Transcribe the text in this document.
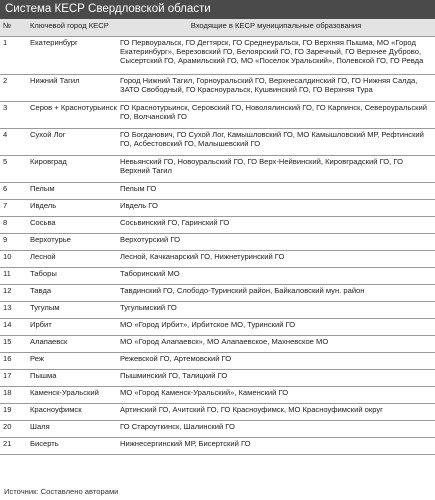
Система КЕСР Свердловской области
№	Ключевой город КЕСР	Входящие в КЕСР муниципальные образования
1	Екатеринбург	ГО Первоуральск, ГО Дегтярск, ГО Среднеуральск, ГО Верхняя Пышма, МО «Город Екатеринбург», Березовский ГО, Белоярский ГО, ГО Заречный, ГО Верхнее Дуброво, Сысертский ГО, Арамильский ГО, МО «Поселок Уральский», Полевской ГО, ГО Ревда
2	Нижний Тагил	Город Нижний Тагил, Горноуральский ГО, Верхнесалдинский ГО, ГО Нижняя Салда, ЗАТО Свободный, ГО Красноуральск, Кушвинский ГО, ГО Верхняя Тура
3	Серов + Краснотурьинск	ГО Краснотурьинск, Серовский ГО, Новолялинский ГО, ГО Карпинск, Североуральский ГО, Волчанский ГО
4	Сухой Лог	ГО Богданович, ГО Сухой Лог, Камышловский ГО, МО Камышловский МР, Рефтинский ГО, Асбестовский ГО, Малышевский ГО
5	Кировград	Невьянский ГО, Новоуральский ГО, ГО Верх-Нейвинский, Кировградский ГО, ГО Верхний Тагил
6	Пелым	Пелым ГО
7	Ивдель	Ивдель ГО
8	Сосьва	Сосьвинский ГО, Гаринский ГО
9	Верхотурье	Верхотурский ГО
10	Лесной	Лесной, Качканарский ГО, Нижнетуринский ГО
11	Таборы	Таборинский МО
12	Тавда	Тавдинский ГО, Слободо-Туринский район, Байкаловский мун. район
13	Тугулым	Тугулымский ГО
14	Ирбит	МО «Город Ирбит», Ирбитское МО, Туринский ГО
15	Алапаевск	МО «Город Алапаевск», МО Алапаевское, Махневское МО
16	Реж	Режевской ГО, Артемовский ГО
17	Пышма	Пышминский ГО, Талицкий ГО
18	Каменск-Уральский	МО «Город Каменск-Уральский», Каменский ГО
19	Красноуфимск	Артинский ГО, Ачитский ГО, ГО Красноуфимск, МО Красноуфимский округ
20	Шаля	ГО Староуткинск, Шалинский ГО
21	Бисерть	Нижнесергинский МР, Бисертский ГО
Источник: Составлено авторами
